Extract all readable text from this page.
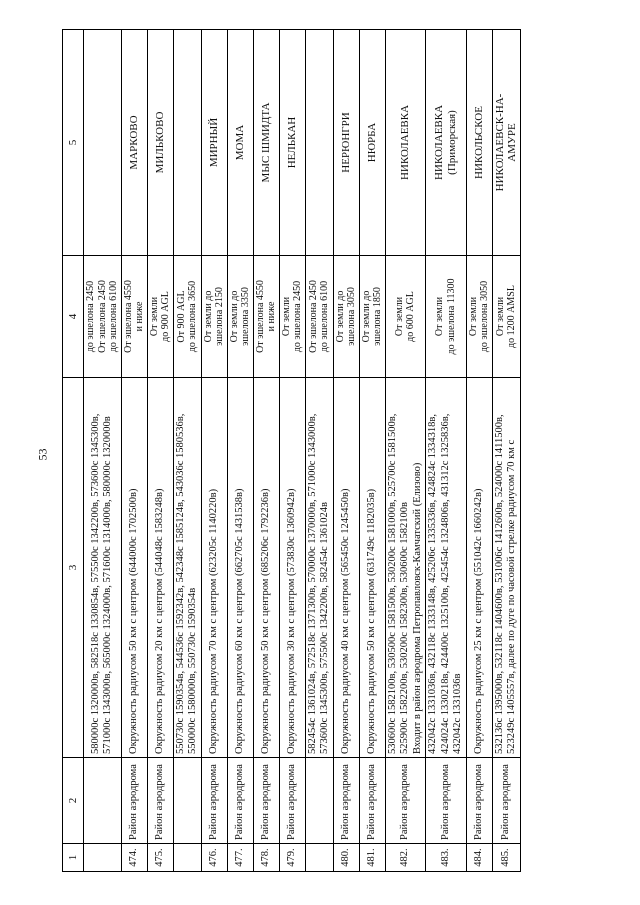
53
1	2	3	4	5

		580000с 1320000в, 582518с 1330854в, 575500с 1342200в, 573600с 1345300в, 571000с 1343000в, 565000с 1324000в, 571600с 1314000в, 580000с 1320000в	до эшелона 2450 От эшелона 2450 до эшелона 6100	

474.	Район аэродрома	Окружность радиусом 50 км с центром (644000с 1702500в)	От эшелона 4550 и ниже	МАРКОВО

475.	Район аэродрома	Окружность радиусом 20 км с центром (544048с 1583248в)	От земли до 900 AGL	МИЛЬКОВО

		550730с 1590354в, 544536с 1592342в, 542348с 1585124в, 543036с 1580536в, 550000с 1580000в, 550730с 1590354в	От 900 AGL до эшелона 3650	

476.	Район аэродрома	Окружность радиусом 70 км с центром (623205с 1140220в)	От земли до эшелона 2150	МИРНЫЙ

477.	Район аэродрома	Окружность радиусом 60 км с центром (662705с 1431538в)	От земли до эшелона 3350	МОМА

478.	Район аэродрома	Окружность радиусом 50 км с центром (685206с 1792236в)	От эшелона 4550 и ниже	МЫС ШМИДТА

479.	Район аэродрома	Окружность радиусом 30 км с центром (573830с 1360942в)	От земли до эшелона 2450	НЕЛЬКАН

		582454с 1361024в, 572518с 1371300в, 570000с 1370000в, 571000с 1343000в, 573600с 1345300в, 575500с 1342200в, 582454с 1361024в	От эшелона 2450 до эшелона 6100	

480.	Район аэродрома	Окружность радиусом 40 км с центром (565450с 1245450в)	От земли до эшелона 3050	НЕРЮНГРИ

481.	Район аэродрома	Окружность радиусом 50 км с центром (631749с 1182035в)	От земли до эшелона 1850	НЮРБА

482.	Район аэродрома	530600с 1582100в, 530500с 1581500в, 530200с 1581000в, 525700с 1581500в, 525900с 1582200в, 530200с 1582300в, 530600с 1582100в Входит в район аэродрома Петропавловск-Камчатский (Елизово)	От земли до 600 AGL	НИКОЛАЕВКА

483.	Район аэродрома	432042с 1331036в, 432118с 1333148в, 425206с 1335336в, 424824с 1334318в, 424024с 1330218в, 424400с 1325100в, 425454с 1324806в, 431312с 1325836в, 432042с 1331036в	От земли до эшелона 11300	НИКОЛАЕВКА (Приморская)

484.	Район аэродрома	Окружность радиусом 25 км с центром (551042с 1660242в)	От земли до эшелона 3050	НИКОЛЬСКОЕ

485.	Район аэродрома	532136с 1395000в, 532118с 1404600в, 531006с 1412600в, 524000с 1411500в, 523249с 1405557в, далее по дуге по часовой стрелке радиусом 70 км с	От земли до 1200 AMSL	НИКОЛАЕВСК-НА- АМУРЕ
